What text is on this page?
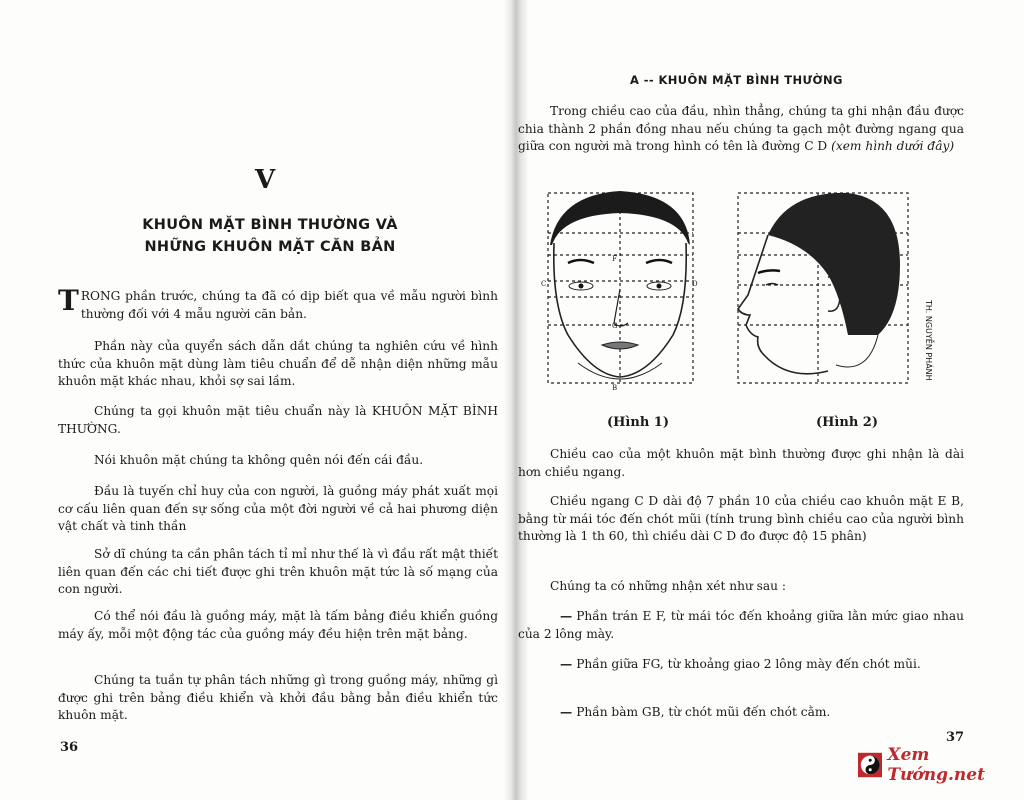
V
KHUÔN MẶT BÌNH THƯỜNG VÀ
NHỮNG KHUÔN MẶT CĂN BẢN

TRONG phần trước, chúng ta đã có dịp biết qua về mẫu người bình thường đối với 4 mẫu người căn bản.

Phần này của quyển sách dẫn dắt chúng ta nghiên cứu về hình thức của khuôn mặt dùng làm tiêu chuẩn để dễ nhận diện những mẫu khuôn mặt khác nhau, khỏi sợ sai lầm.

Chúng ta gọi khuôn mặt tiêu chuẩn này là KHUÔN MẶT BÌNH THƯỜNG.

Nói khuôn mặt chúng ta không quên nói đến cái đầu.

Đầu là tuyến chỉ huy của con người, là guồng máy phát xuất mọi cơ cấu liên quan đến sự sống của một đời người về cả hai phương diện vật chất và tinh thần

Sở dĩ chúng ta cần phân tách tỉ mỉ như thế là vì đầu rất mật thiết liên quan đến các chi tiết được ghi trên khuôn mặt tức là số mạng của con người.

Có thể nói đầu là guồng máy, mặt là tấm bảng điều khiển guồng máy ấy, mỗi một động tác của guồng máy đều hiện trên mặt bảng.

Chúng ta tuần tự phân tách những gì trong guồng máy, những gì được ghi trên bảng điều khiển và khởi đầu bằng bản điều khiển tức khuôn mặt.

36
A -- KHUÔN MẶT BÌNH THƯỜNG

Trong chiều cao của đầu, nhìn thẳng, chúng ta ghi nhận đầu được chia thành 2 phần đồng nhau nếu chúng ta gạch một đường ngang qua giữa con người mà trong hình có tên là đường C D (xem hình dưới đây)

E
F
C	D
G
B
TH. NGUYỄN PHÁNH
(Hình 1)	(Hình 2)

Chiều cao của một khuôn mặt bình thường được ghi nhận là dài hơn chiều ngang.

Chiều ngang C D dài độ 7 phần 10 của chiều cao khuôn mặt E B, bằng từ mái tóc đến chót mũi (tính trung bình chiều cao của người bình thường là 1 th 60, thì chiều dài C D đo được độ 15 phân)

Chúng ta có những nhận xét như sau :

— Phần trán E F, từ mái tóc đến khoảng giữa lằn mức giao nhau của 2 lông mày.

— Phần giữa FG, từ khoảng giao 2 lông mày đến chót mũi.

— Phần bàm GB, từ chót mũi đến chót cằm.

37
Xem Tướng.net
